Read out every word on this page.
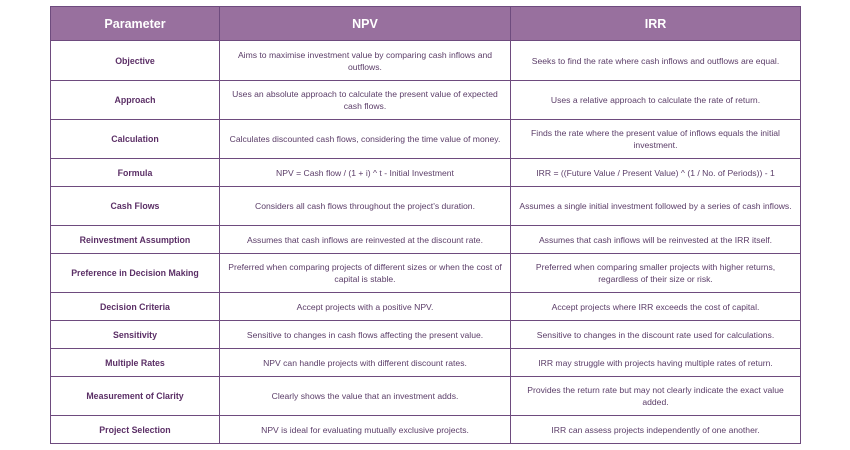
Parameter	NPV	IRR
Objective	Aims to maximise investment value by comparing cash inflows and outflows.	Seeks to find the rate where cash inflows and outflows are equal.
Approach	Uses an absolute approach to calculate the present value of expected cash flows.	Uses a relative approach to calculate the rate of return.
Calculation	Calculates discounted cash flows, considering the time value of money.	Finds the rate where the present value of inflows equals the initial investment.
Formula	NPV = Cash flow / (1 + i) ^ t - Initial Investment	IRR = ((Future Value / Present Value) ^ (1 / No. of Periods)) - 1
Cash Flows	Considers all cash flows throughout the project's duration.	Assumes a single initial investment followed by a series of cash inflows.
Reinvestment Assumption	Assumes that cash inflows are reinvested at the discount rate.	Assumes that cash inflows will be reinvested at the IRR itself.
Preference in Decision Making	Preferred when comparing projects of different sizes or when the cost of capital is stable.	Preferred when comparing smaller projects with higher returns, regardless of their size or risk.
Decision Criteria	Accept projects with a positive NPV.	Accept projects where IRR exceeds the cost of capital.
Sensitivity	Sensitive to changes in cash flows affecting the present value.	Sensitive to changes in the discount rate used for calculations.
Multiple Rates	NPV can handle projects with different discount rates.	IRR may struggle with projects having multiple rates of return.
Measurement of Clarity	Clearly shows the value that an investment adds.	Provides the return rate but may not clearly indicate the exact value added.
Project Selection	NPV is ideal for evaluating mutually exclusive projects.	IRR can assess projects independently of one another.
